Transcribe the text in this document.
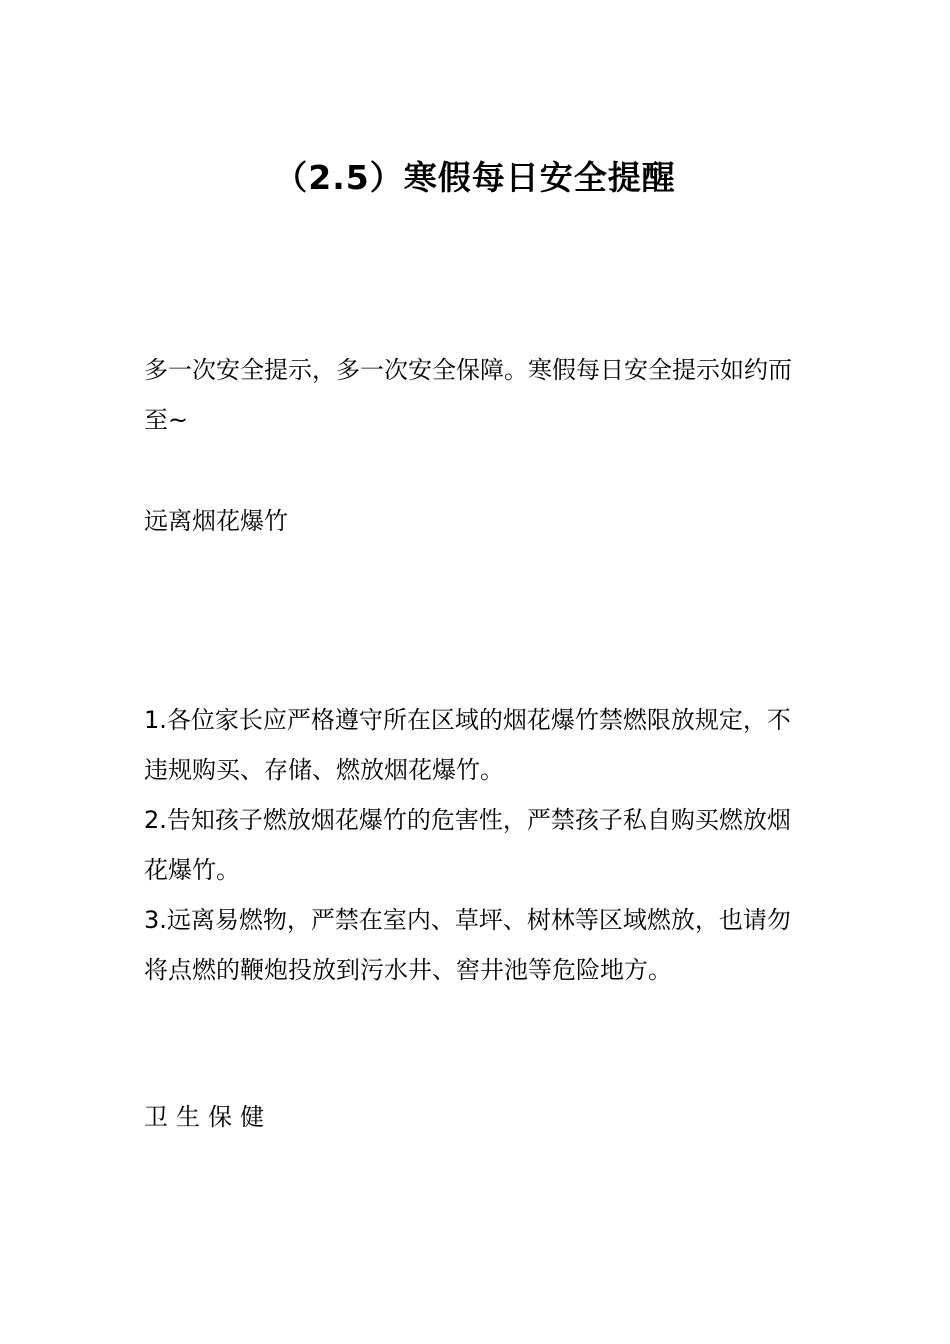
（2.5）寒假每日安全提醒
多一次安全提示，多一次安全保障。寒假每日安全提示如约而至~
远离烟花爆竹

1.各位家长应严格遵守所在区域的烟花爆竹禁燃限放规定，不违规购买、存储、燃放烟花爆竹。

2.告知孩子燃放烟花爆竹的危害性，严禁孩子私自购买燃放烟花爆竹。

3.远离易燃物，严禁在室内、草坪、树林等区域燃放，也请勿将点燃的鞭炮投放到污水井、窖井池等危险地方。

卫生保健
